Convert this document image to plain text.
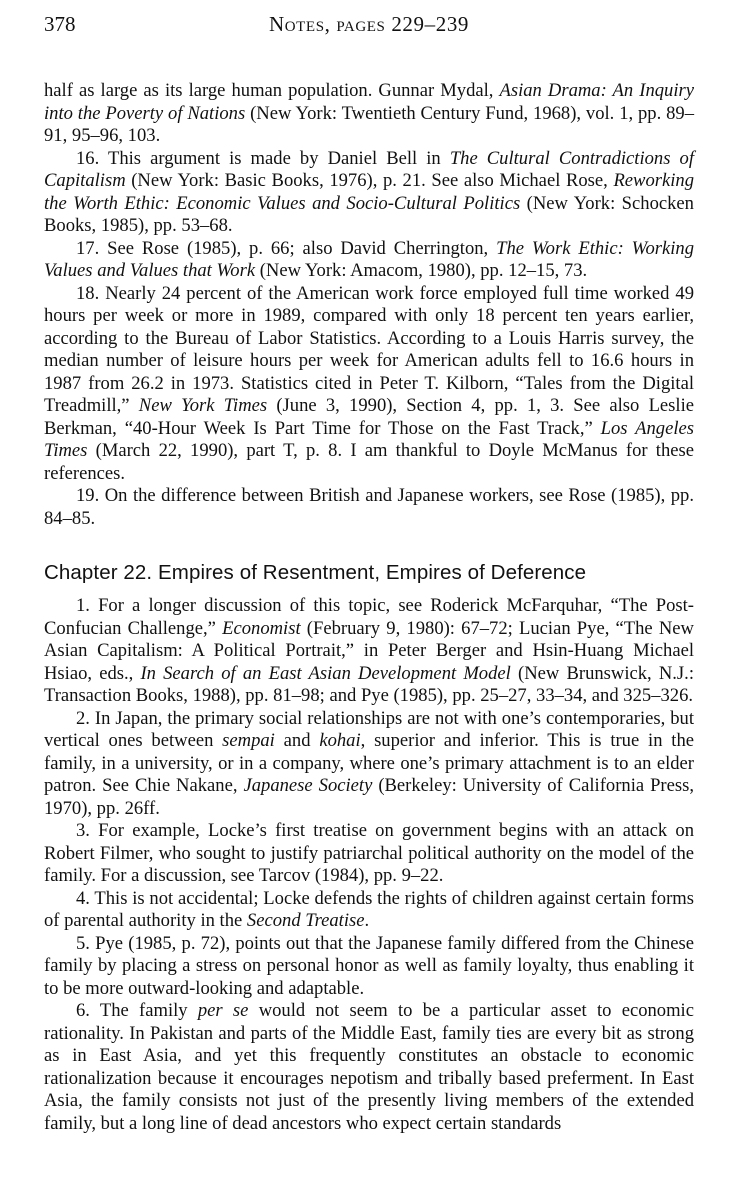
378	Notes, pages 229–239

half as large as its large human population. Gunnar Mydal, Asian Drama: An Inquiry into the Poverty of Nations (New York: Twentieth Century Fund, 1968), vol. 1, pp. 89–91, 95–96, 103.

16. This argument is made by Daniel Bell in The Cultural Contradictions of Capitalism (New York: Basic Books, 1976), p. 21. See also Michael Rose, Reworking the Worth Ethic: Economic Values and Socio-Cultural Politics (New York: Schocken Books, 1985), pp. 53–68.

17. See Rose (1985), p. 66; also David Cherrington, The Work Ethic: Working Values and Values that Work (New York: Amacom, 1980), pp. 12–15, 73.

18. Nearly 24 percent of the American work force employed full time worked 49 hours per week or more in 1989, compared with only 18 percent ten years earlier, according to the Bureau of Labor Statistics. According to a Louis Harris survey, the median number of leisure hours per week for American adults fell to 16.6 hours in 1987 from 26.2 in 1973. Statistics cited in Peter T. Kilborn, “Tales from the Digital Treadmill,” New York Times (June 3, 1990), Section 4, pp. 1, 3. See also Leslie Berkman, “40-Hour Week Is Part Time for Those on the Fast Track,” Los Angeles Times (March 22, 1990), part T, p. 8. I am thankful to Doyle McManus for these references.

19. On the difference between British and Japanese workers, see Rose (1985), pp. 84–85.

Chapter 22. Empires of Resentment, Empires of Deference

1. For a longer discussion of this topic, see Roderick McFarquhar, “The Post-Confucian Challenge,” Economist (February 9, 1980): 67–72; Lucian Pye, “The New Asian Capitalism: A Political Portrait,” in Peter Berger and Hsin-Huang Michael Hsiao, eds., In Search of an East Asian Development Model (New Brunswick, N.J.: Transaction Books, 1988), pp. 81–98; and Pye (1985), pp. 25–27, 33–34, and 325–326.

2. In Japan, the primary social relationships are not with one’s contemporaries, but vertical ones between sempai and kohai, superior and inferior. This is true in the family, in a university, or in a company, where one’s primary attachment is to an elder patron. See Chie Nakane, Japanese Society (Berkeley: University of California Press, 1970), pp. 26ff.

3. For example, Locke’s first treatise on government begins with an attack on Robert Filmer, who sought to justify patriarchal political authority on the model of the family. For a discussion, see Tarcov (1984), pp. 9–22.

4. This is not accidental; Locke defends the rights of children against certain forms of parental authority in the Second Treatise.

5. Pye (1985, p. 72), points out that the Japanese family differed from the Chinese family by placing a stress on personal honor as well as family loyalty, thus enabling it to be more outward-looking and adaptable.

6. The family per se would not seem to be a particular asset to economic rationality. In Pakistan and parts of the Middle East, family ties are every bit as strong as in East Asia, and yet this frequently constitutes an obstacle to economic rationalization because it encourages nepotism and tribally based preferment. In East Asia, the family consists not just of the presently living members of the extended family, but a long line of dead ancestors who expect certain standards
